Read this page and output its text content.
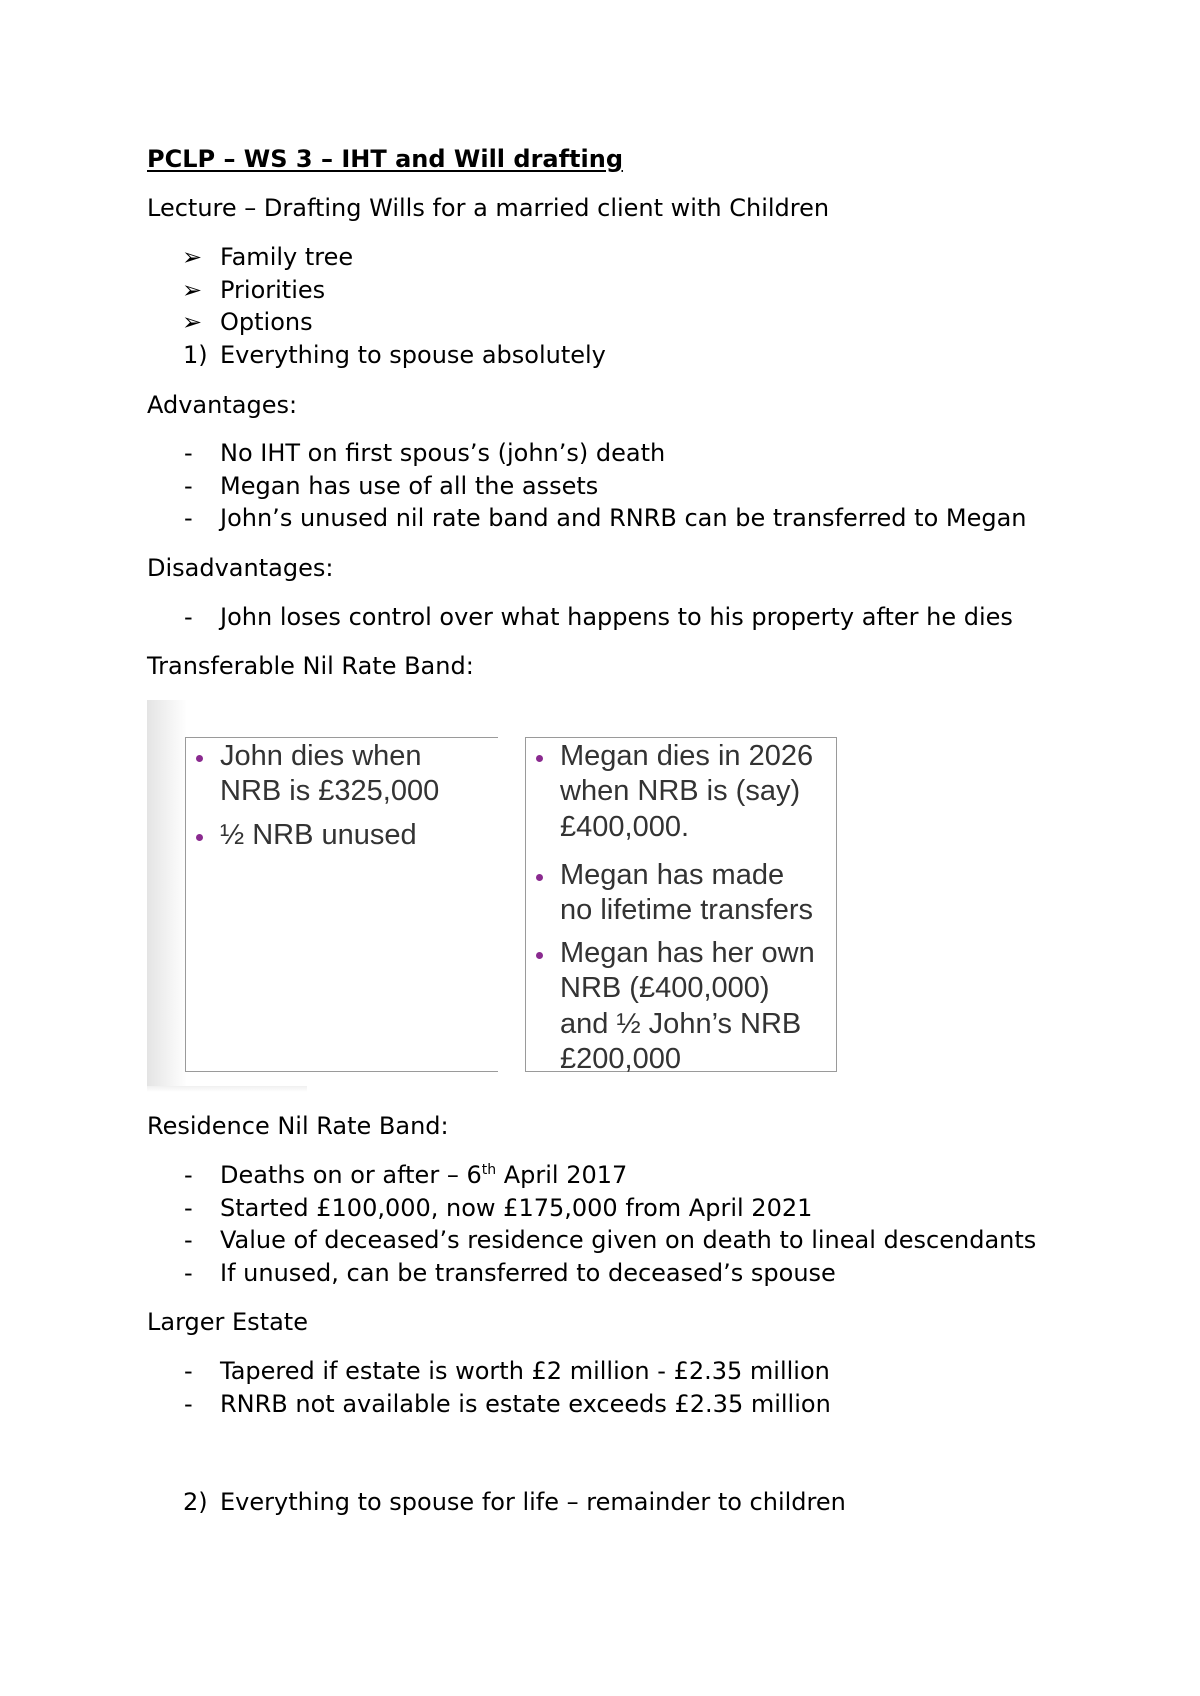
PCLP – WS 3 – IHT and Will drafting
Lecture – Drafting Wills for a married client with Children
➢ Family tree
➢ Priorities
➢ Options
1) Everything to spouse absolutely
Advantages:
- No IHT on first spous’s (john’s) death
- Megan has use of all the assets
- John’s unused nil rate band and RNRB can be transferred to Megan
Disadvantages:
- John loses control over what happens to his property after he dies
Transferable Nil Rate Band:
John dies when
NRB is £325,000
½ NRB unused
Megan dies in 2026
when NRB is (say)
£400,000.
Megan has made
no lifetime transfers
Megan has her own
NRB (£400,000)
and ½ John’s NRB
£200,000
Residence Nil Rate Band:
- Deaths on or after – 6th April 2017
- Started £100,000, now £175,000 from April 2021
- Value of deceased’s residence given on death to lineal descendants
- If unused, can be transferred to deceased’s spouse
Larger Estate
- Tapered if estate is worth £2 million - £2.35 million
- RNRB not available is estate exceeds £2.35 million
2) Everything to spouse for life – remainder to children
